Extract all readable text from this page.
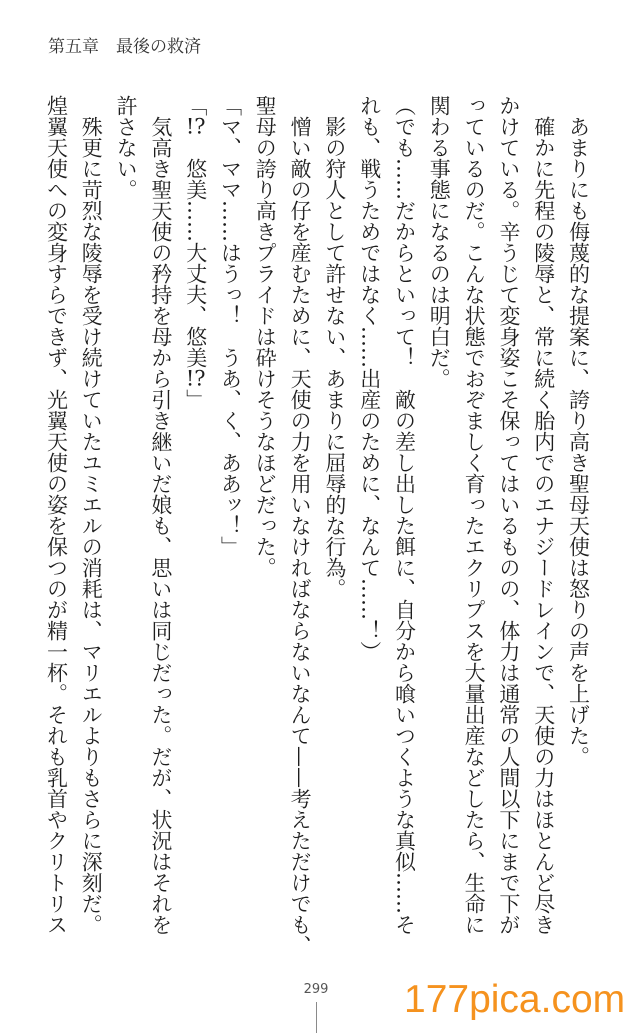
第五章　最後の救済
　あまりにも侮蔑的な提案に、誇り高き聖母天使は怒りの声を上げた。
　確かに先程の陵辱と、常に続く胎内でのエナジードレインで、天使の力はほとんど尽き
かけている。辛うじて変身姿こそ保ってはいるものの、体力は通常の人間以下にまで下が
っているのだ。こんな状態でおぞましく育ったエクリプスを大量出産などしたら、生命に
関わる事態になるのは明白だ。
（でも……だからといって！　敵の差し出した餌に、自分から喰いつくような真似……そ
れも、戦うためではなく……出産のために、なんて……！）
　影の狩人として許せない、あまりに屈辱的な行為。
　憎い敵の仔を産むために、天使の力を用いなければならないなんて——考えただけでも、
聖母の誇り高きプライドは砕けそうなほどだった。
「マ、ママ……はうっ！　うあ、く、ああッ！」
「!?　悠美……大丈夫、悠美!?」
　気高き聖天使の矜持を母から引き継いだ娘も、思いは同じだった。だが、状況はそれを
許さない。
　殊更に苛烈な陵辱を受け続けていたユミエルの消耗は、マリエルよりもさらに深刻だ。
煌翼天使への変身すらできず、光翼天使の姿を保つのが精一杯。それも乳首やクリトリス
299 177pica.com
